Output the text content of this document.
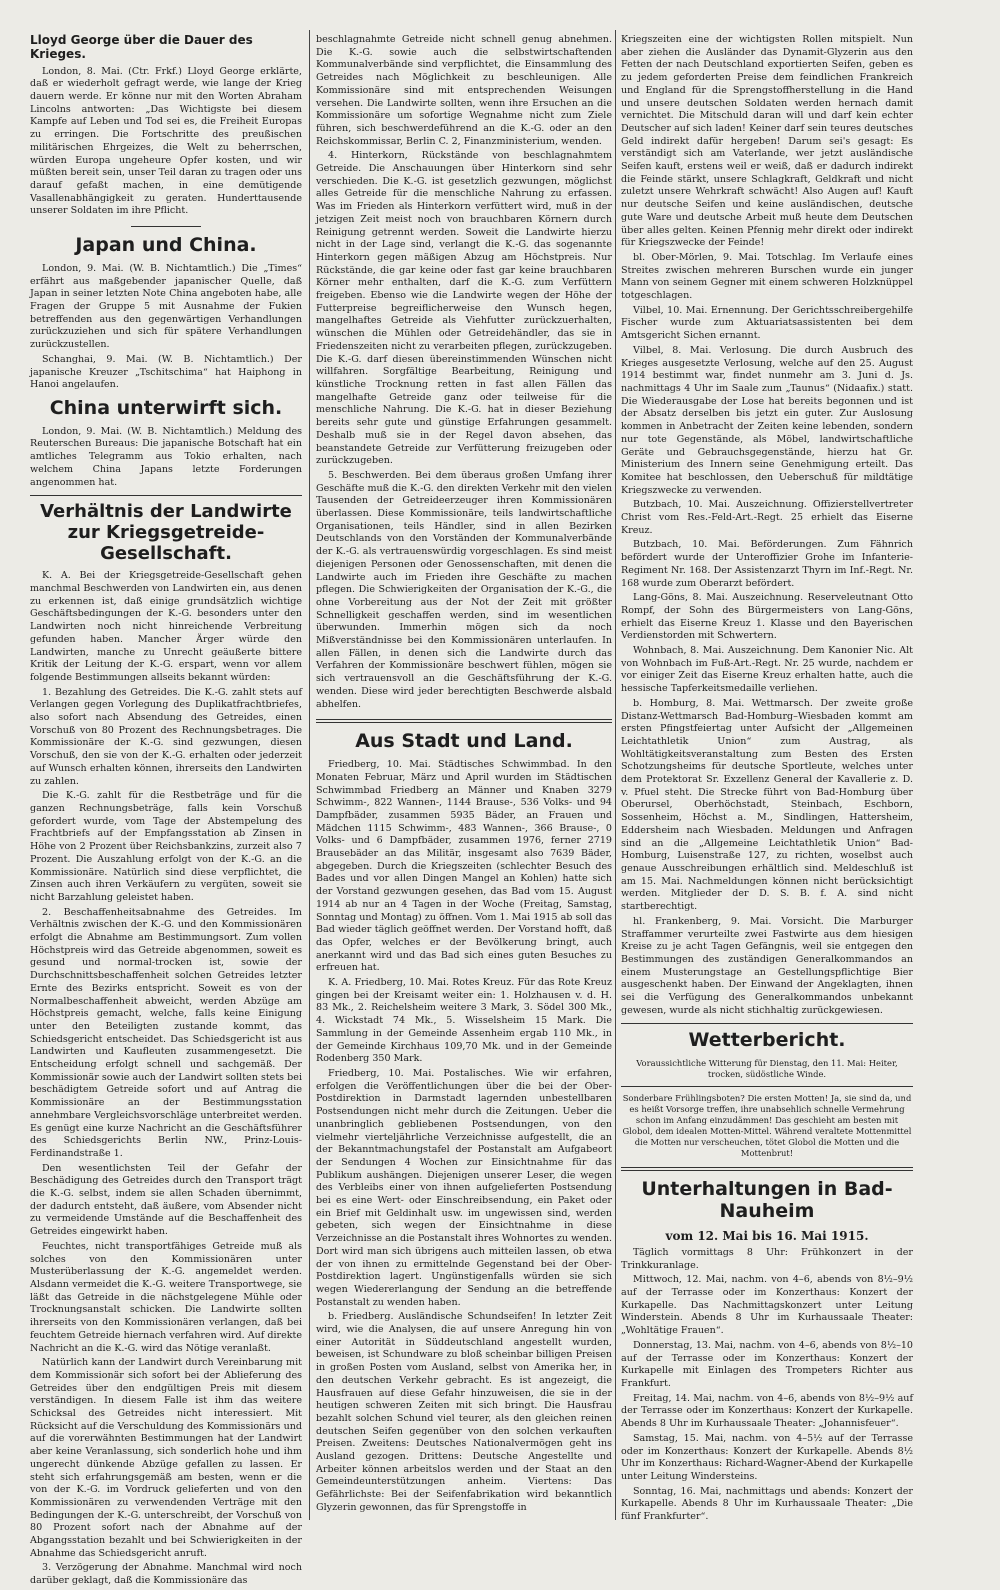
Lloyd George über die Dauer des Krieges.

London, 8. Mai. (Ctr. Frkf.) Lloyd George erklärte, daß er wiederholt gefragt werde, wie lange der Krieg dauern werde. Er könne nur mit den Worten Abraham Lincolns antworten: „Das Wichtigste bei diesem Kampfe auf Leben und Tod sei es, die Freiheit Europas zu erringen. Die Fortschritte des preußischen militärischen Ehrgeizes, die Welt zu beherrschen, würden Europa ungeheure Opfer kosten, und wir müßten bereit sein, unser Teil daran zu tragen oder uns darauf gefaßt machen, in eine demütigende Vasallenabhängigkeit zu geraten. Hunderttausende unserer Soldaten im ihre Pflicht.

Japan und China.

London, 9. Mai. (W. B. Nichtamtlich.) Die „Times“ erfährt aus maßgebender japanischer Quelle, daß Japan in seiner letzten Note China angeboten habe, alle Fragen der Gruppe 5 mit Ausnahme der Fukien betreffenden aus den gegenwärtigen Verhandlungen zurückzuziehen und sich für spätere Verhandlungen zurückzustellen.

Schanghai, 9. Mai. (W. B. Nichtamtlich.) Der japanische Kreuzer „Tschitschima“ hat Haiphong in Hanoi angelaufen.

China unterwirft sich.

London, 9. Mai. (W. B. Nichtamtlich.) Meldung des Reuterschen Bureaus: Die japanische Botschaft hat ein amtliches Telegramm aus Tokio erhalten, nach welchem China Japans letzte Forderungen angenommen hat.

Verhältnis der Landwirte zur Kriegsgetreide-Gesellschaft.

K. A. Bei der Kriegsgetreide-Gesellschaft gehen manchmal Beschwerden von Landwirten ein, aus denen zu erkennen ist, daß einige grundsätzlich wichtige Geschäftsbedingungen der K.-G. besonders unter den Landwirten noch nicht hinreichende Verbreitung gefunden haben. Mancher Ärger würde den Landwirten, manche zu Unrecht geäußerte bittere Kritik der Leitung der K.-G. erspart, wenn vor allem folgende Bestimmungen allseits bekannt würden:

1. Bezahlung des Getreides. Die K.-G. zahlt stets auf Verlangen gegen Vorlegung des Duplikatfrachtbriefes, also sofort nach Absendung des Getreides, einen Vorschuß von 80 Prozent des Rechnungsbetrages. Die Kommissionäre der K.-G. sind gezwungen, diesen Vorschuß, den sie von der K.-G. erhalten oder jederzeit auf Wunsch erhalten können, ihrerseits den Landwirten zu zahlen.

Die K.-G. zahlt für die Restbeträge und für die ganzen Rechnungsbeträge, falls kein Vorschuß gefordert wurde, vom Tage der Abstempelung des Frachtbriefs auf der Empfangsstation ab Zinsen in Höhe von 2 Prozent über Reichsbankzins, zurzeit also 7 Prozent. Die Auszahlung erfolgt von der K.-G. an die Kommissionäre. Natürlich sind diese verpflichtet, die Zinsen auch ihren Verkäufern zu vergüten, soweit sie nicht Barzahlung geleistet haben.

2. Beschaffenheitsabnahme des Getreides. Im Verhältnis zwischen der K.-G. und den Kommissionären erfolgt die Abnahme am Bestimmungsort. Zum vollen Höchstpreis wird das Getreide abgenommen, soweit es gesund und normal-trocken ist, sowie der Durchschnittsbeschaffenheit solchen Getreides letzter Ernte des Bezirks entspricht. Soweit es von der Normalbeschaffenheit abweicht, werden Abzüge am Höchstpreis gemacht, welche, falls keine Einigung unter den Beteiligten zustande kommt, das Schiedsgericht entscheidet. Das Schiedsgericht ist aus Landwirten und Kaufleuten zusammengesetzt. Die Entscheidung erfolgt schnell und sachgemäß. Der Kommissionär sowie auch der Landwirt sollten stets bei beschädigtem Getreide sofort und auf Antrag die Kommissionäre an der Bestimmungsstation annehmbare Vergleichsvorschläge unterbreitet werden. Es genügt eine kurze Nachricht an die Geschäftsführer des Schiedsgerichts Berlin NW., Prinz-Louis-Ferdinandstraße 1.

Den wesentlichsten Teil der Gefahr der Beschädigung des Getreides durch den Transport trägt die K.-G. selbst, indem sie allen Schaden übernimmt, der dadurch entsteht, daß äußere, vom Absender nicht zu vermeidende Umstände auf die Beschaffenheit des Getreides eingewirkt haben.

Feuchtes, nicht transportfähiges Getreide muß als solches von den Kommissionären unter Musterüberlassung der K.-G. angemeldet werden. Alsdann vermeidet die K.-G. weitere Transportwege, sie läßt das Getreide in die nächstgelegene Mühle oder Trocknungsanstalt schicken. Die Landwirte sollten ihrerseits von den Kommissionären verlangen, daß bei feuchtem Getreide hiernach verfahren wird. Auf direkte Nachricht an die K.-G. wird das Nötige veranlaßt.

Natürlich kann der Landwirt durch Vereinbarung mit dem Kommissionär sich sofort bei der Ablieferung des Getreides über den endgültigen Preis mit diesem verständigen. In diesem Falle ist ihm das weitere Schicksal des Getreides nicht interessiert. Mit Rücksicht auf die Verschuldung des Kommissionärs und auf die vorerwähnten Bestimmungen hat der Landwirt aber keine Veranlassung, sich sonderlich hohe und ihm ungerecht dünkende Abzüge gefallen zu lassen. Er steht sich erfahrungsgemäß am besten, wenn er die von der K.-G. im Vordruck gelieferten und von den Kommissionären zu verwendenden Verträge mit den Bedingungen der K.-G. unterschreibt, der Vorschuß von 80 Prozent sofort nach der Abnahme auf der Abgangsstation bezahlt und bei Schwierigkeiten in der Abnahme das Schiedsgericht anruft.

3. Verzögerung der Abnahme. Manchmal wird noch darüber geklagt, daß die Kommissionäre das

beschlagnahmte Getreide nicht schnell genug abnehmen. Die K.-G. sowie auch die selbstwirtschaftenden Kommunalverbände sind verpflichtet, die Einsammlung des Getreides nach Möglichkeit zu beschleunigen. Alle Kommissionäre sind mit entsprechenden Weisungen versehen. Die Landwirte sollten, wenn ihre Ersuchen an die Kommissionäre um sofortige Wegnahme nicht zum Ziele führen, sich beschwerdeführend an die K.-G. oder an den Reichskommissar, Berlin C. 2, Finanzministerium, wenden.

4. Hinterkorn, Rückstände von beschlagnahmtem Getreide. Die Anschauungen über Hinterkorn sind sehr verschieden. Die K.-G. ist gesetzlich gezwungen, möglichst alles Getreide für die menschliche Nahrung zu erfassen. Was im Frieden als Hinterkorn verfüttert wird, muß in der jetzigen Zeit meist noch von brauchbaren Körnern durch Reinigung getrennt werden. Soweit die Landwirte hierzu nicht in der Lage sind, verlangt die K.-G. das sogenannte Hinterkorn gegen mäßigen Abzug am Höchstpreis. Nur Rückstände, die gar keine oder fast gar keine brauchbaren Körner mehr enthalten, darf die K.-G. zum Verfüttern freigeben. Ebenso wie die Landwirte wegen der Höhe der Futterpreise begreiflicherweise den Wunsch hegen, mangelhaftes Getreide als Viehfutter zurückzuerhalten, wünschen die Mühlen oder Getreidehändler, das sie in Friedenszeiten nicht zu verarbeiten pflegen, zurückzugeben. Die K.-G. darf diesen übereinstimmenden Wünschen nicht willfahren. Sorgfältige Bearbeitung, Reinigung und künstliche Trocknung retten in fast allen Fällen das mangelhafte Getreide ganz oder teilweise für die menschliche Nahrung. Die K.-G. hat in dieser Beziehung bereits sehr gute und günstige Erfahrungen gesammelt. Deshalb muß sie in der Regel davon absehen, das beanstandete Getreide zur Verfütterung freizugeben oder zurückzugeben.

5. Beschwerden. Bei dem überaus großen Umfang ihrer Geschäfte muß die K.-G. den direkten Verkehr mit den vielen Tausenden der Getreideerzeuger ihren Kommissionären überlassen. Diese Kommissionäre, teils landwirtschaftliche Organisationen, teils Händler, sind in allen Bezirken Deutschlands von den Vorständen der Kommunalverbände der K.-G. als vertrauenswürdig vorgeschlagen. Es sind meist diejenigen Personen oder Genossenschaften, mit denen die Landwirte auch im Frieden ihre Geschäfte zu machen pflegen. Die Schwierigkeiten der Organisation der K.-G., die ohne Vorbereitung aus der Not der Zeit mit größter Schnelligkeit geschaffen werden, sind im wesentlichen überwunden. Immerhin mögen sich da noch Mißverständnisse bei den Kommissionären unterlaufen. In allen Fällen, in denen sich die Landwirte durch das Verfahren der Kommissionäre beschwert fühlen, mögen sie sich vertrauensvoll an die Geschäftsführung der K.-G. wenden. Diese wird jeder berechtigten Beschwerde alsbald abhelfen.

Aus Stadt und Land.

Friedberg, 10. Mai. Städtisches Schwimmbad. In den Monaten Februar, März und April wurden im Städtischen Schwimmbad Friedberg an Männer und Knaben 3279 Schwimm-, 822 Wannen-, 1144 Brause-, 536 Volks- und 94 Dampfbäder, zusammen 5935 Bäder, an Frauen und Mädchen 1115 Schwimm-, 483 Wannen-, 366 Brause-, 0 Volks- und 6 Dampfbäder, zusammen 1976, ferner 2719 Brausebäder an das Militär, insgesamt also 7639 Bäder, abgegeben. Durch die Kriegszeiten (schlechter Besuch des Bades und vor allen Dingen Mangel an Kohlen) hatte sich der Vorstand gezwungen gesehen, das Bad vom 15. August 1914 ab nur an 4 Tagen in der Woche (Freitag, Samstag, Sonntag und Montag) zu öffnen. Vom 1. Mai 1915 ab soll das Bad wieder täglich geöffnet werden. Der Vorstand hofft, daß das Opfer, welches er der Bevölkerung bringt, auch anerkannt wird und das Bad sich eines guten Besuches zu erfreuen hat.

K. A. Friedberg, 10. Mai. Rotes Kreuz. Für das Rote Kreuz gingen bei der Kreisamt weiter ein: 1. Holzhausen v. d. H. 83 Mk., 2. Reichelsheim weitere 3 Mark, 3. Södel 300 Mk., 4. Wickstadt 74 Mk., 5. Wisselsheim 15 Mark. Die Sammlung in der Gemeinde Assenheim ergab 110 Mk., in der Gemeinde Kirchhaus 109,70 Mk. und in der Gemeinde Rodenberg 350 Mark.

Friedberg, 10. Mai. Postalisches. Wie wir erfahren, erfolgen die Veröffentlichungen über die bei der Ober-Postdirektion in Darmstadt lagernden unbestellbaren Postsendungen nicht mehr durch die Zeitungen. Ueber die unanbringlich gebliebenen Postsendungen, von den vielmehr vierteljährliche Verzeichnisse aufgestellt, die an der Bekanntmachungstafel der Postanstalt am Aufgabeort der Sendungen 4 Wochen zur Einsichtnahme für das Publikum aushängen. Diejenigen unserer Leser, die wegen des Verbleibs einer von ihnen aufgelieferten Postsendung bei es eine Wert- oder Einschreibsendung, ein Paket oder ein Brief mit Geldinhalt usw. im ungewissen sind, werden gebeten, sich wegen der Einsichtnahme in diese Verzeichnisse an die Postanstalt ihres Wohnortes zu wenden. Dort wird man sich übrigens auch mitteilen lassen, ob etwa der von ihnen zu ermittelnde Gegenstand bei der Ober-Postdirektion lagert. Ungünstigenfalls würden sie sich wegen Wiedererlangung der Sendung an die betreffende Postanstalt zu wenden haben.

b. Friedberg. Ausländische Schundseifen! In letzter Zeit wird, wie die Analysen, die auf unsere Anregung hin von einer Autorität in Süddeutschland angestellt wurden, beweisen, ist Schundware zu bloß scheinbar billigen Preisen in großen Posten vom Ausland, selbst von Amerika her, in den deutschen Verkehr gebracht. Es ist angezeigt, die Hausfrauen auf diese Gefahr hinzuweisen, die sie in der heutigen schweren Zeiten mit sich bringt. Die Hausfrau bezahlt solchen Schund viel teurer, als den gleichen reinen deutschen Seifen gegenüber von den solchen verkauften Preisen. Zweitens: Deutsches Nationalvermögen geht ins Ausland gezogen. Drittens: Deutsche Angestellte und Arbeiter können arbeitslos werden und der Staat an den Gemeindeunterstützungen anheim. Viertens: Das Gefährlichste: Bei der Seifenfabrikation wird bekanntlich Glyzerin gewonnen, das für Sprengstoffe in

Kriegszeiten eine der wichtigsten Rollen mitspielt. Nun aber ziehen die Ausländer das Dynamit-Glyzerin aus den Fetten der nach Deutschland exportierten Seifen, geben es zu jedem geforderten Preise dem feindlichen Frankreich und England für die Sprengstoffherstellung in die Hand und unsere deutschen Soldaten werden hernach damit vernichtet. Die Mitschuld daran will und darf kein echter Deutscher auf sich laden! Keiner darf sein teures deutsches Geld indirekt dafür hergeben! Darum sei's gesagt: Es verständigt sich am Vaterlande, wer jetzt ausländische Seifen kauft, erstens weil er weiß, daß er dadurch indirekt die Feinde stärkt, unsere Schlagkraft, Geldkraft und nicht zuletzt unsere Wehrkraft schwächt! Also Augen auf! Kauft nur deutsche Seifen und keine ausländischen, deutsche gute Ware und deutsche Arbeit muß heute dem Deutschen über alles gelten. Keinen Pfennig mehr direkt oder indirekt für Kriegszwecke der Feinde!

bl. Ober-Mörlen, 9. Mai. Totschlag. Im Verlaufe eines Streites zwischen mehreren Burschen wurde ein junger Mann von seinem Gegner mit einem schweren Holzknüppel totgeschlagen.

Vilbel, 10. Mai. Ernennung. Der Gerichtsschreibergehilfe Fischer wurde zum Aktuariatsassistenten bei dem Amtsgericht Sichen ernannt.

Vilbel, 8. Mai. Verlosung. Die durch Ausbruch des Krieges ausgesetzte Verlosung, welche auf den 25. August 1914 bestimmt war, findet nunmehr am 3. Juni d. Js. nachmittags 4 Uhr im Saale zum „Taunus“ (Nidaafix.) statt. Die Wiederausgabe der Lose hat bereits begonnen und ist der Absatz derselben bis jetzt ein guter. Zur Auslosung kommen in Anbetracht der Zeiten keine lebenden, sondern nur tote Gegenstände, als Möbel, landwirtschaftliche Geräte und Gebrauchsgegenstände, hierzu hat Gr. Ministerium des Innern seine Genehmigung erteilt. Das Komitee hat beschlossen, den Ueberschuß für mildtätige Kriegszwecke zu verwenden.

Butzbach, 10. Mai. Auszeichnung. Offizierstellvertreter Christ vom Res.-Feld-Art.-Regt. 25 erhielt das Eiserne Kreuz.

Butzbach, 10. Mai. Beförderungen. Zum Fähnrich befördert wurde der Unteroffizier Grohe im Infanterie-Regiment Nr. 168. Der Assistenzarzt Thyrn im Inf.-Regt. Nr. 168 wurde zum Oberarzt befördert.

Lang-Göns, 8. Mai. Auszeichnung. Reserveleutnant Otto Rompf, der Sohn des Bürgermeisters von Lang-Göns, erhielt das Eiserne Kreuz 1. Klasse und den Bayerischen Verdienstorden mit Schwertern.

Wohnbach, 8. Mai. Auszeichnung. Dem Kanonier Nic. Alt von Wohnbach im Fuß-Art.-Regt. Nr. 25 wurde, nachdem er vor einiger Zeit das Eiserne Kreuz erhalten hatte, auch die hessische Tapferkeitsmedaille verliehen.

b. Homburg, 8. Mai. Wettmarsch. Der zweite große Distanz-Wettmarsch Bad-Homburg–Wiesbaden kommt am ersten Pfingstfeiertag unter Aufsicht der „Allgemeinen Leichtathletik Union“ zum Austrag, als Wohltätigkeitsveranstaltung zum Besten des Ersten Schotzungsheims für deutsche Sportleute, welches unter dem Protektorat Sr. Exzellenz General der Kavallerie z. D. v. Pfuel steht. Die Strecke führt von Bad-Homburg über Oberursel, Oberhöchstadt, Steinbach, Eschborn, Sossenheim, Höchst a. M., Sindlingen, Hattersheim, Eddersheim nach Wiesbaden. Meldungen und Anfragen sind an die „Allgemeine Leichtathletik Union“ Bad-Homburg, Luisenstraße 127, zu richten, woselbst auch genaue Ausschreibungen erhältlich sind. Meldeschluß ist am 15. Mai. Nachmeldungen können nicht berücksichtigt werden. Mitglieder der D. S. B. f. A. sind nicht startberechtigt.

hl. Frankenberg, 9. Mai. Vorsicht. Die Marburger Straffammer verurteilte zwei Fastwirte aus dem hiesigen Kreise zu je acht Tagen Gefängnis, weil sie entgegen den Bestimmungen des zuständigen Generalkommandos an einem Musterungstage an Gestellungspflichtige Bier ausgeschenkt haben. Der Einwand der Angeklagten, ihnen sei die Verfügung des Generalkommandos unbekannt gewesen, wurde als nicht stichhaltig zurückgewiesen.

Wetterbericht.

Voraussichtliche Witterung für Dienstag, den 11. Mai: Heiter, trocken, südöstliche Winde.

Sonderbare Frühlingsboten? Die ersten Motten! Ja, sie sind da, und es heißt Vorsorge treffen, ihre unabsehlich schnelle Vermehrung schon im Anfang einzudämmen! Das geschieht am besten mit Globol, dem idealen Motten-Mittel. Während veraltete Mottenmittel die Motten nur verscheuchen, tötet Globol die Motten und die Mottenbrut!

Unterhaltungen in Bad-Nauheim
vom 12. Mai bis 16. Mai 1915.

Täglich vormittags 8 Uhr: Frühkonzert in der Trinkkuranlage.

Mittwoch, 12. Mai, nachm. von 4–6, abends von 8½–9½ auf der Terrasse oder im Konzerthaus: Konzert der Kurkapelle. Das Nachmittagskonzert unter Leitung Winderstein. Abends 8 Uhr im Kurhaussaale Theater: „Wohltätige Frauen“.

Donnerstag, 13. Mai, nachm. von 4–6, abends von 8½–10 auf der Terrasse oder im Konzerthaus: Konzert der Kurkapelle mit Einlagen des Trompeters Richter aus Frankfurt.

Freitag, 14. Mai, nachm. von 4–6, abends von 8½–9½ auf der Terrasse oder im Konzerthaus: Konzert der Kurkapelle. Abends 8 Uhr im Kurhaussaale Theater: „Johannisfeuer“.

Samstag, 15. Mai, nachm. von 4–5½ auf der Terrasse oder im Konzerthaus: Konzert der Kurkapelle. Abends 8½ Uhr im Konzerthaus: Richard-Wagner-Abend der Kurkapelle unter Leitung Windersteins.

Sonntag, 16. Mai, nachmittags und abends: Konzert der Kurkapelle. Abends 8 Uhr im Kurhaussaale Theater: „Die fünf Frankfurter“.
